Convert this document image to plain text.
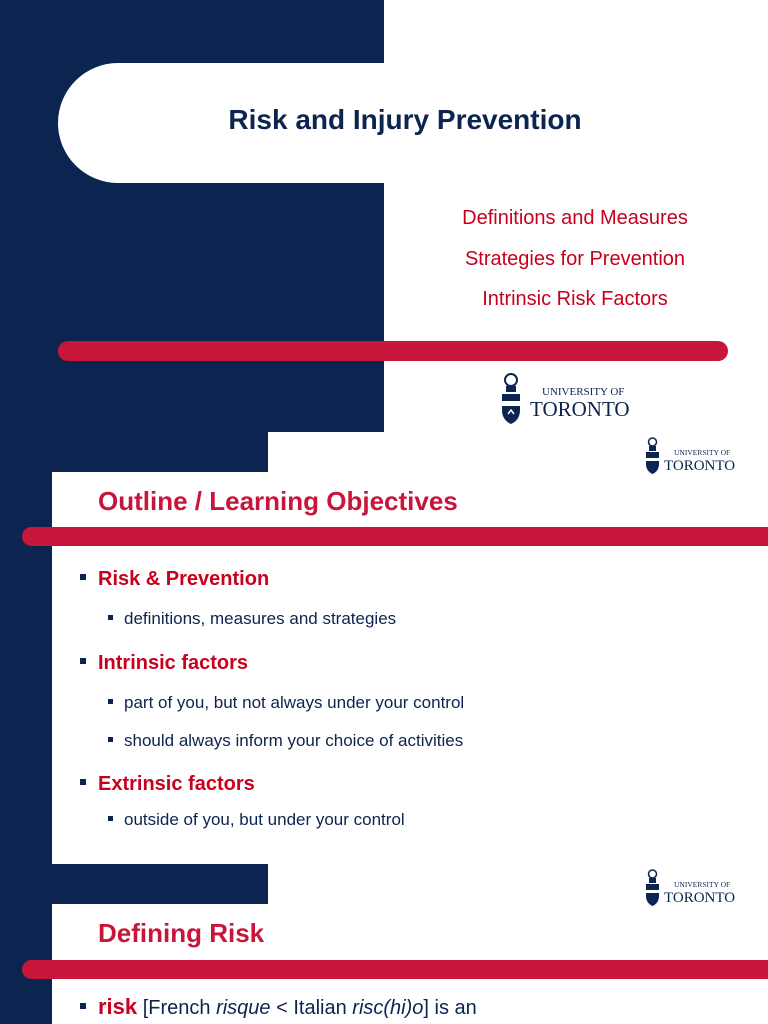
Risk and Injury Prevention
Definitions and Measures
Strategies for Prevention
Intrinsic Risk Factors
UNIVERSITY OF
TORONTO
UNIVERSITY OF
TORONTO
Outline / Learning Objectives
Risk & Prevention
definitions, measures and strategies
Intrinsic factors
part of you, but not always under your control
should always inform your choice of activities
Extrinsic factors
outside of you, but under your control
UNIVERSITY OF
TORONTO
Defining Risk
risk [French risque < Italian risc(hi)o] is an
